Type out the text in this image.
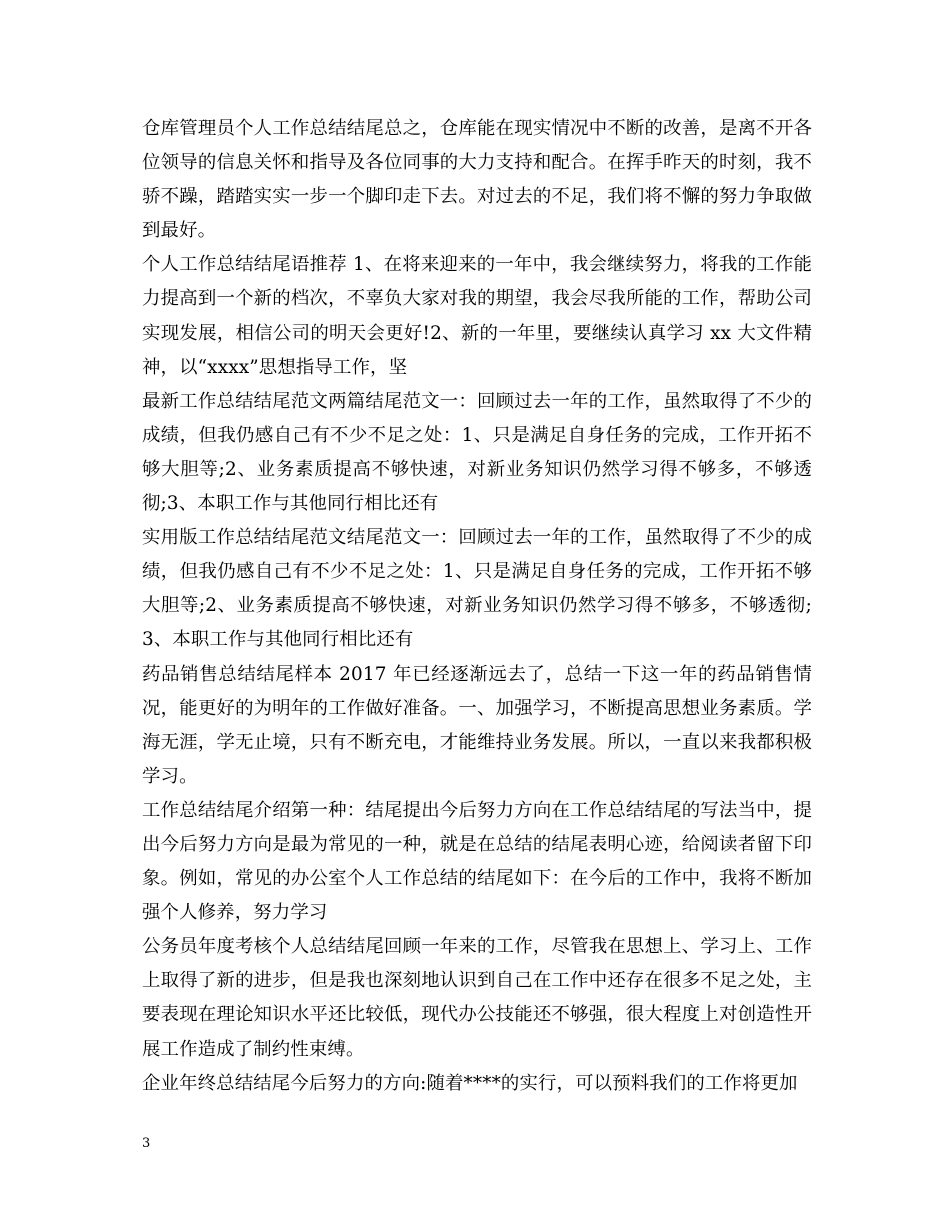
仓库管理员个人工作总结结尾总之，仓库能在现实情况中不断的改善，是离不开各位领导的信息关怀和指导及各位同事的大力支持和配合。在挥手昨天的时刻，我不骄不躁，踏踏实实一步一个脚印走下去。对过去的不足，我们将不懈的努力争取做到最好。

个人工作总结结尾语推荐 1、在将来迎来的一年中，我会继续努力，将我的工作能力提高到一个新的档次，不辜负大家对我的期望，我会尽我所能的工作，帮助公司实现发展，相信公司的明天会更好!2、新的一年里，要继续认真学习 xx 大文件精神，以“xxxx”思想指导工作，坚

最新工作总结结尾范文两篇结尾范文一：回顾过去一年的工作，虽然取得了不少的成绩，但我仍感自己有不少不足之处：1、只是满足自身任务的完成，工作开拓不够大胆等;2、业务素质提高不够快速，对新业务知识仍然学习得不够多，不够透彻;3、本职工作与其他同行相比还有

实用版工作总结结尾范文结尾范文一：回顾过去一年的工作，虽然取得了不少的成绩，但我仍感自己有不少不足之处：1、只是满足自身任务的完成，工作开拓不够大胆等;2、业务素质提高不够快速，对新业务知识仍然学习得不够多，不够透彻;3、本职工作与其他同行相比还有

药品销售总结结尾样本 2017 年已经逐渐远去了，总结一下这一年的药品销售情况，能更好的为明年的工作做好准备。一、加强学习，不断提高思想业务素质。学海无涯，学无止境，只有不断充电，才能维持业务发展。所以，一直以来我都积极学习。

工作总结结尾介绍第一种：结尾提出今后努力方向在工作总结结尾的写法当中，提出今后努力方向是最为常见的一种，就是在总结的结尾表明心迹，给阅读者留下印象。例如，常见的办公室个人工作总结的结尾如下：在今后的工作中，我将不断加强个人修养，努力学习

公务员年度考核个人总结结尾回顾一年来的工作，尽管我在思想上、学习上、工作上取得了新的进步，但是我也深刻地认识到自己在工作中还存在很多不足之处，主要表现在理论知识水平还比较低，现代办公技能还不够强，很大程度上对创造性开展工作造成了制约性束缚。

企业年终总结结尾今后努力的方向:随着****的实行，可以预料我们的工作将更加

3
